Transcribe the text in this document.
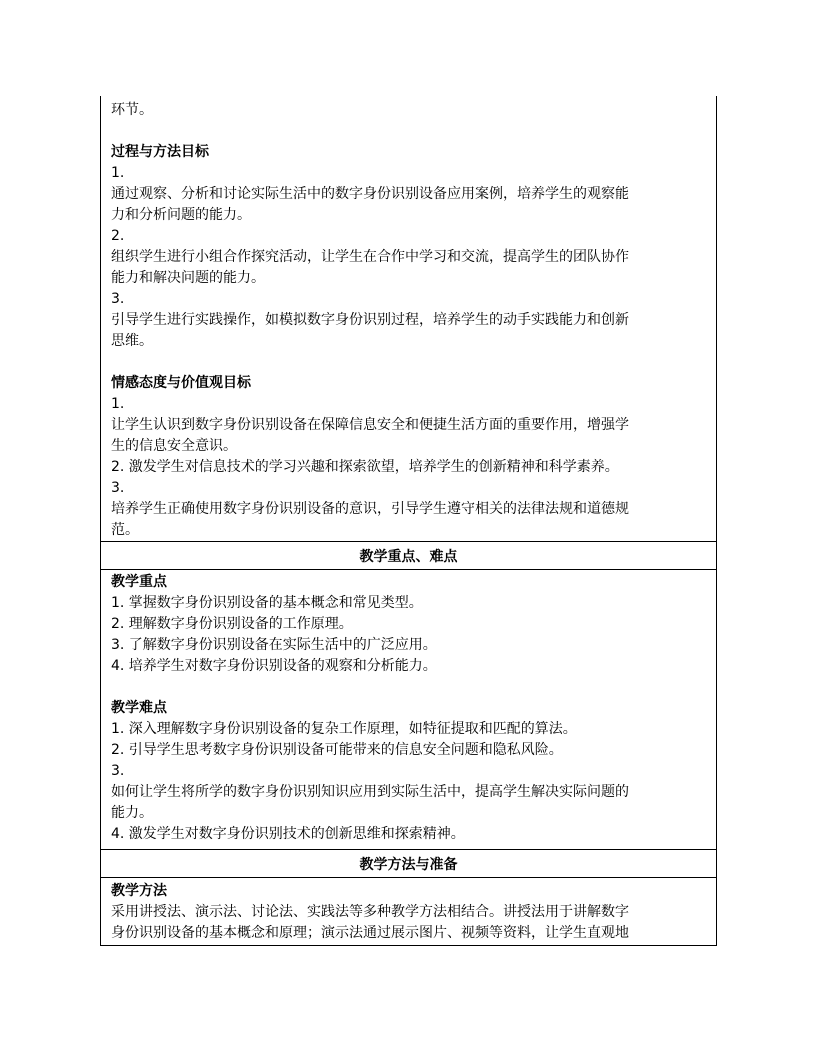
环节。
过程与方法目标
1.
通过观察、分析和讨论实际生活中的数字身份识别设备应用案例，培养学生的观察能
力和分析问题的能力。
2.
组织学生进行小组合作探究活动，让学生在合作中学习和交流，提高学生的团队协作
能力和解决问题的能力。
3.
引导学生进行实践操作，如模拟数字身份识别过程，培养学生的动手实践能力和创新
思维。
情感态度与价值观目标
1.
让学生认识到数字身份识别设备在保障信息安全和便捷生活方面的重要作用，增强学
生的信息安全意识。
2. 激发学生对信息技术的学习兴趣和探索欲望，培养学生的创新精神和科学素养。
3.
培养学生正确使用数字身份识别设备的意识，引导学生遵守相关的法律法规和道德规
范。
教学重点、难点
教学重点
1. 掌握数字身份识别设备的基本概念和常见类型。
2. 理解数字身份识别设备的工作原理。
3. 了解数字身份识别设备在实际生活中的广泛应用。
4. 培养学生对数字身份识别设备的观察和分析能力。
教学难点
1. 深入理解数字身份识别设备的复杂工作原理，如特征提取和匹配的算法。
2. 引导学生思考数字身份识别设备可能带来的信息安全问题和隐私风险。
3.
如何让学生将所学的数字身份识别知识应用到实际生活中，提高学生解决实际问题的
能力。
4. 激发学生对数字身份识别技术的创新思维和探索精神。
教学方法与准备
教学方法
采用讲授法、演示法、讨论法、实践法等多种教学方法相结合。讲授法用于讲解数字
身份识别设备的基本概念和原理；演示法通过展示图片、视频等资料，让学生直观地
